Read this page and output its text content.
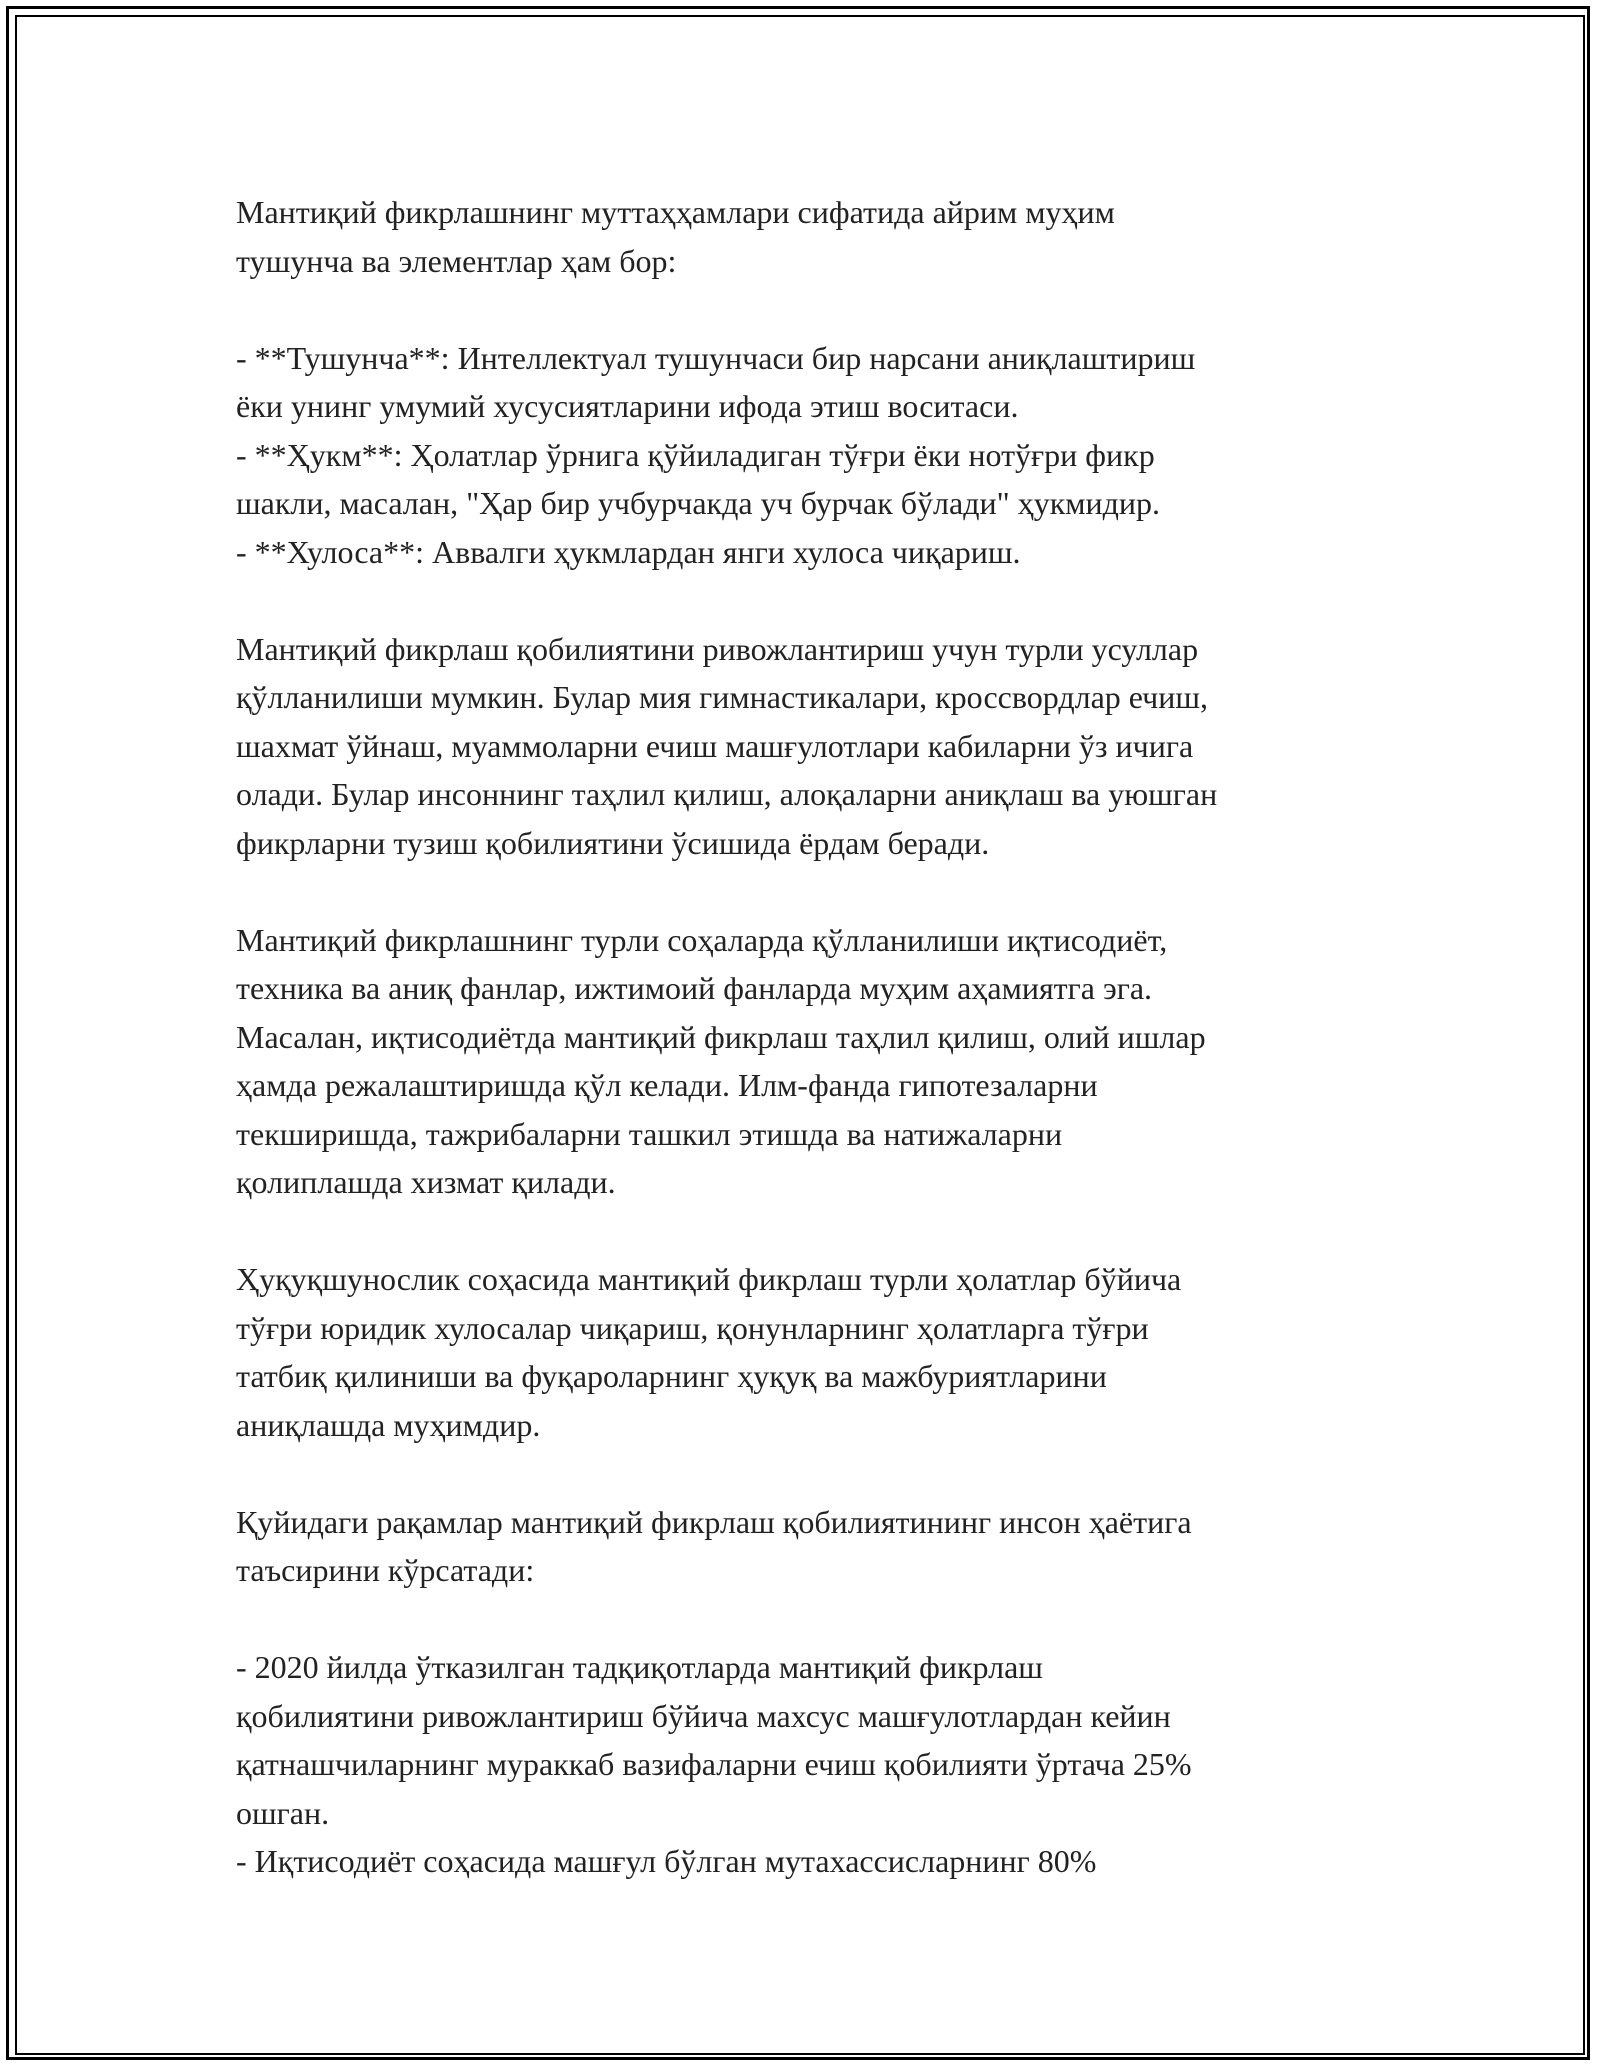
Мантиқий фикрлашнинг муттаҳҳамлари сифатида айрим муҳим
тушунча ва элементлар ҳам бор:

- **Тушунча**: Интеллектуал тушунчаси бир нарсани аниқлаштириш
ёки унинг умумий хусусиятларини ифода этиш воситаси.
- **Ҳукм**: Ҳолатлар ўрнига қўйиладиган тўғри ёки нотўғри фикр
шакли, масалан, "Ҳар бир учбурчакда уч бурчак бўлади" ҳукмидир.
- **Хулоса**: Аввалги ҳукмлардан янги хулоса чиқариш.

Мантиқий фикрлаш қобилиятини ривожлантириш учун турли усуллар
қўлланилиши мумкин. Булар мия гимнастикалари, кроссвордлар ечиш,
шахмат ўйнаш, муаммоларни ечиш машғулотлари кабиларни ўз ичига
олади. Булар инсоннинг таҳлил қилиш, алоқаларни аниқлаш ва уюшган
фикрларни тузиш қобилиятини ўсишида ёрдам беради.

Мантиқий фикрлашнинг турли соҳаларда қўлланилиши иқтисодиёт,
техника ва аниқ фанлар, ижтимоий фанларда муҳим аҳамиятга эга.
Масалан, иқтисодиётда мантиқий фикрлаш таҳлил қилиш, олий ишлар
ҳамда режалаштиришда қўл келади. Илм-фанда гипотезаларни
текширишда, тажрибаларни ташкил этишда ва натижаларни
қолиплашда хизмат қилади.

Ҳуқуқшунослик соҳасида мантиқий фикрлаш турли ҳолатлар бўйича
тўғри юридик хулосалар чиқариш, қонунларнинг ҳолатларга тўғри
татбиқ қилиниши ва фуқароларнинг ҳуқуқ ва мажбуриятларини
аниқлашда муҳимдир.

Қуйидаги рақамлар мантиқий фикрлаш қобилиятининг инсон ҳаётига
таъсирини кўрсатади:

- 2020 йилда ўтказилган тадқиқотларда мантиқий фикрлаш
қобилиятини ривожлантириш бўйича махсус машғулотлардан кейин
қатнашчиларнинг мураккаб вазифаларни ечиш қобилияти ўртача 25%
ошган.
- Иқтисодиёт соҳасида машғул бўлган мутахассисларнинг 80%
